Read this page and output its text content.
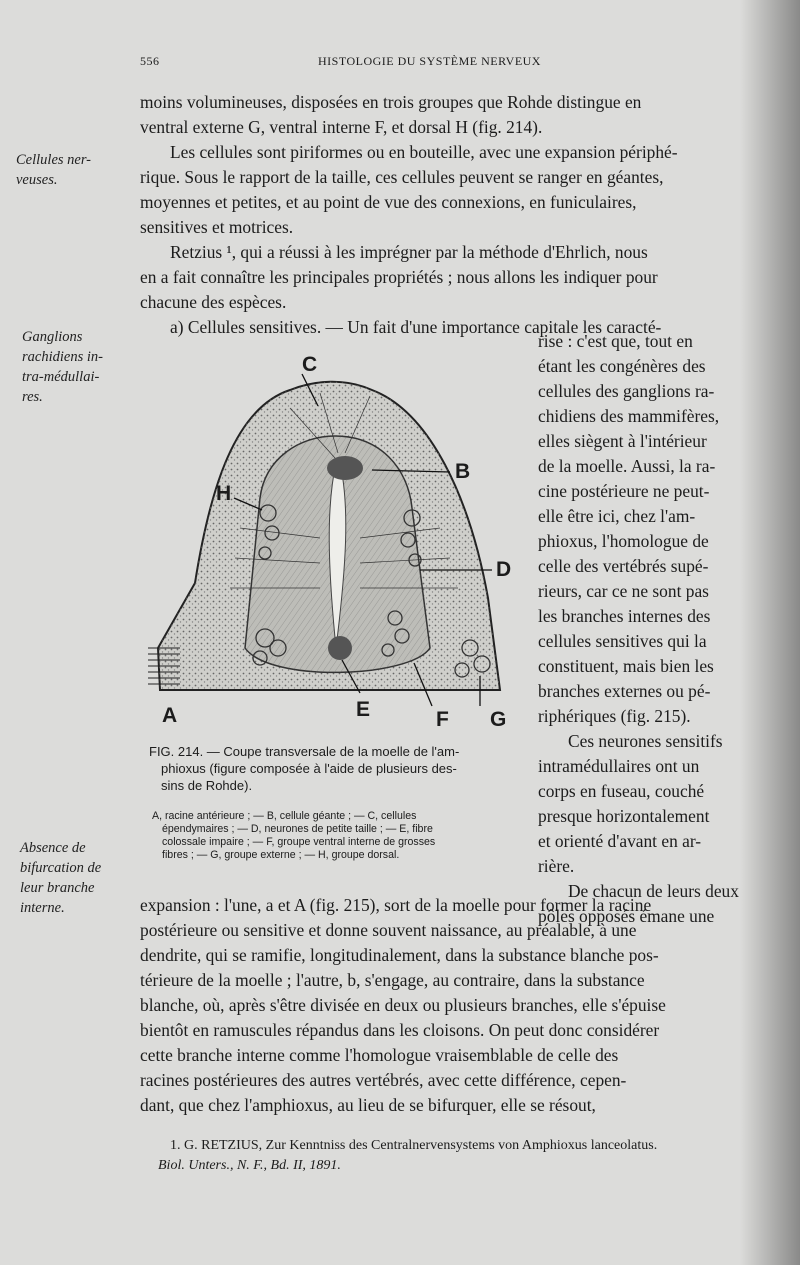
556	HISTOLOGIE DU SYSTÈME NERVEUX
Cellules ner-
veuses.
Ganglions
rachidiens in-
tra-médullai-
res.
Absence de
bifurcation de
leur branche
interne.
moins volumineuses, disposées en trois groupes que Rohde distingue en
ventral externe G, ventral interne F, et dorsal H (fig. 214).
Les cellules sont piriformes ou en bouteille, avec une expansion périphé-
rique. Sous le rapport de la taille, ces cellules peuvent se ranger en géantes,
moyennes et petites, et au point de vue des connexions, en funiculaires,
sensitives et motrices.
Retzius ¹, qui a réussi à les imprégner par la méthode d'Ehrlich, nous
en a fait connaître les principales propriétés ; nous allons les indiquer pour
chacune des espèces.
a) Cellules sensitives. — Un fait d'une importance capitale les caracté-
rise : c'est que, tout en
étant les congénères des
cellules des ganglions ra-
chidiens des mammifères,
elles siègent à l'intérieur
de la moelle. Aussi, la ra-
cine postérieure ne peut-
elle être ici, chez l'am-
phioxus, l'homologue de
celle des vertébrés supé-
rieurs, car ce ne sont pas
les branches internes des
cellules sensitives qui la
constituent, mais bien les
branches externes ou pé-
riphériques (fig. 215).
Ces neurones sensitifs
intramédullaires ont un
corps en fuseau, couché
presque horizontalement
et orienté d'avant en ar-
rière.
De chacun de leurs deux
pôles opposés émane une
C
B
H
D
A	E	F G
FIG. 214. — Coupe transversale de la moelle de l'am-
phioxus (figure composée à l'aide de plusieurs des-
sins de Rohde).
A, racine antérieure ; — B, cellule géante ; — C, cellules
épendymaires ; — D, neurones de petite taille ; — E, fibre
colossale impaire ; — F, groupe ventral interne de grosses
fibres ; — G, groupe externe ; — H, groupe dorsal.
expansion : l'une, a et A (fig. 215), sort de la moelle pour former la racine
postérieure ou sensitive et donne souvent naissance, au préalable, à une
dendrite, qui se ramifie, longitudinalement, dans la substance blanche pos-
térieure de la moelle ; l'autre, b, s'engage, au contraire, dans la substance
blanche, où, après s'être divisée en deux ou plusieurs branches, elle s'épuise
bientôt en ramuscules répandus dans les cloisons. On peut donc considérer
cette branche interne comme l'homologue vraisemblable de celle des
racines postérieures des autres vertébrés, avec cette différence, cepen-
dant, que chez l'amphioxus, au lieu de se bifurquer, elle se résout,
1. G. RETZIUS, Zur Kenntniss des Centralnervensystems von Amphioxus lanceolatus.
Biol. Unters., N. F., Bd. II, 1891.
